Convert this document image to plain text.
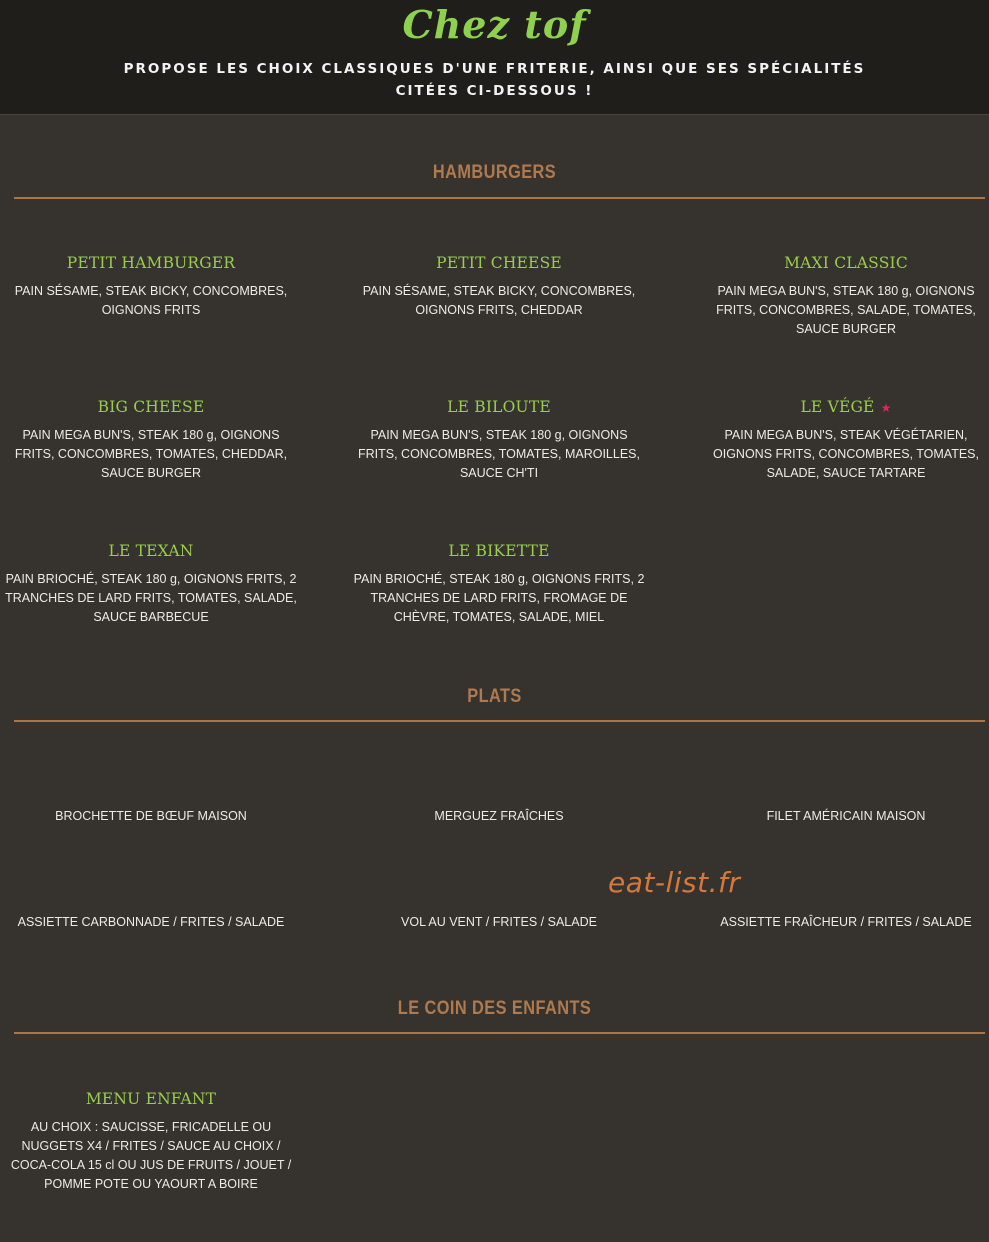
Chez tof
PROPOSE LES CHOIX CLASSIQUES D'UNE FRITERIE, AINSI QUE SES SPÉCIALITÉS
CITÉES CI-DESSOUS !
HAMBURGERS
PETIT HAMBURGER
PAIN SÉSAME, STEAK BICKY, CONCOMBRES,
OIGNONS FRITS
PETIT CHEESE
PAIN SÉSAME, STEAK BICKY, CONCOMBRES,
OIGNONS FRITS, CHEDDAR
MAXI CLASSIC
PAIN MEGA BUN'S, STEAK 180 g, OIGNONS
FRITS, CONCOMBRES, SALADE, TOMATES,
SAUCE BURGER
BIG CHEESE
PAIN MEGA BUN'S, STEAK 180 g, OIGNONS
FRITS, CONCOMBRES, TOMATES, CHEDDAR,
SAUCE BURGER
LE BILOUTE
PAIN MEGA BUN'S, STEAK 180 g, OIGNONS
FRITS, CONCOMBRES, TOMATES, MAROILLES,
SAUCE CH'TI
LE VÉGÉ ★
PAIN MEGA BUN'S, STEAK VÉGÉTARIEN,
OIGNONS FRITS, CONCOMBRES, TOMATES,
SALADE, SAUCE TARTARE
LE TEXAN
PAIN BRIOCHÉ, STEAK 180 g, OIGNONS FRITS, 2
TRANCHES DE LARD FRITS, TOMATES, SALADE,
SAUCE BARBECUE
LE BIKETTE
PAIN BRIOCHÉ, STEAK 180 g, OIGNONS FRITS, 2
TRANCHES DE LARD FRITS, FROMAGE DE
CHÈVRE, TOMATES, SALADE, MIEL
PLATS
BROCHETTE DE BŒUF MAISON	MERGUEZ FRAÎCHES	FILET AMÉRICAIN MAISON
ASSIETTE CARBONNADE / FRITES / SALADE	VOL AU VENT / FRITES / SALADE	ASSIETTE FRAÎCHEUR / FRITES / SALADE
eat-list.fr
LE COIN DES ENFANTS
MENU ENFANT
AU CHOIX : SAUCISSE, FRICADELLE OU
NUGGETS X4 / FRITES / SAUCE AU CHOIX /
COCA-COLA 15 cl OU JUS DE FRUITS / JOUET /
POMME POTE OU YAOURT A BOIRE
